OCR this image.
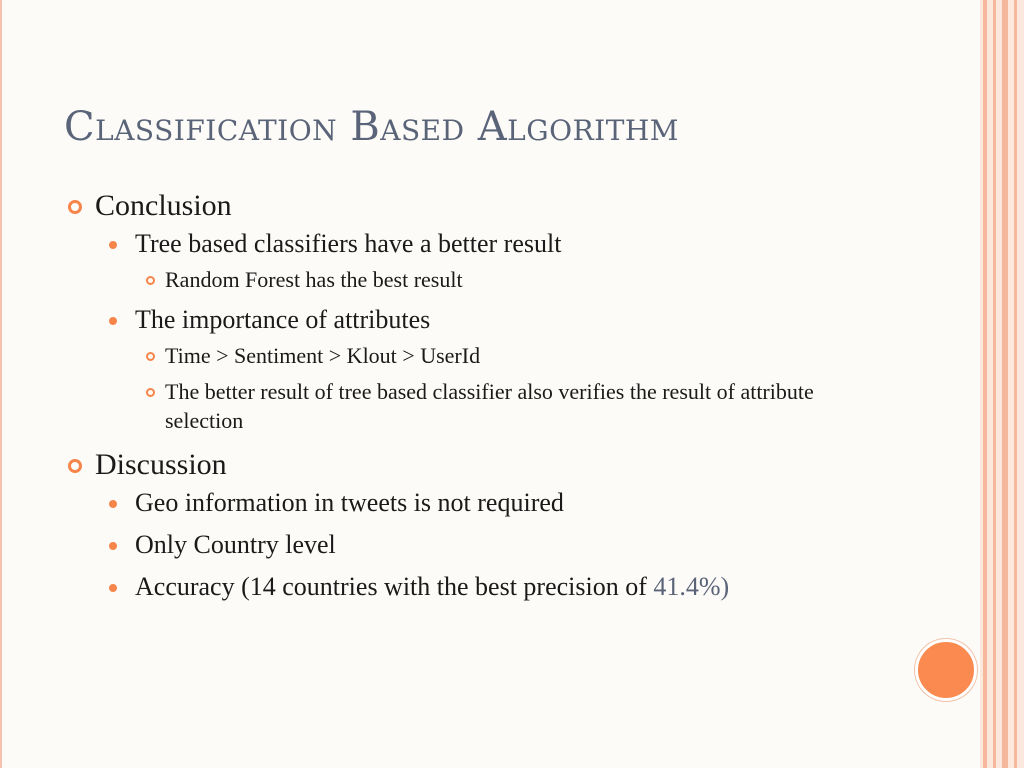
Classification Based Algorithm
Conclusion
Tree based classifiers have a better result
Random Forest has the best result
The importance of attributes
Time > Sentiment > Klout > UserId
The better result of tree based classifier also verifies the result of attribute selection
Discussion
Geo information in tweets is not required
Only Country level
Accuracy (14 countries with the best precision of 41.4%)
